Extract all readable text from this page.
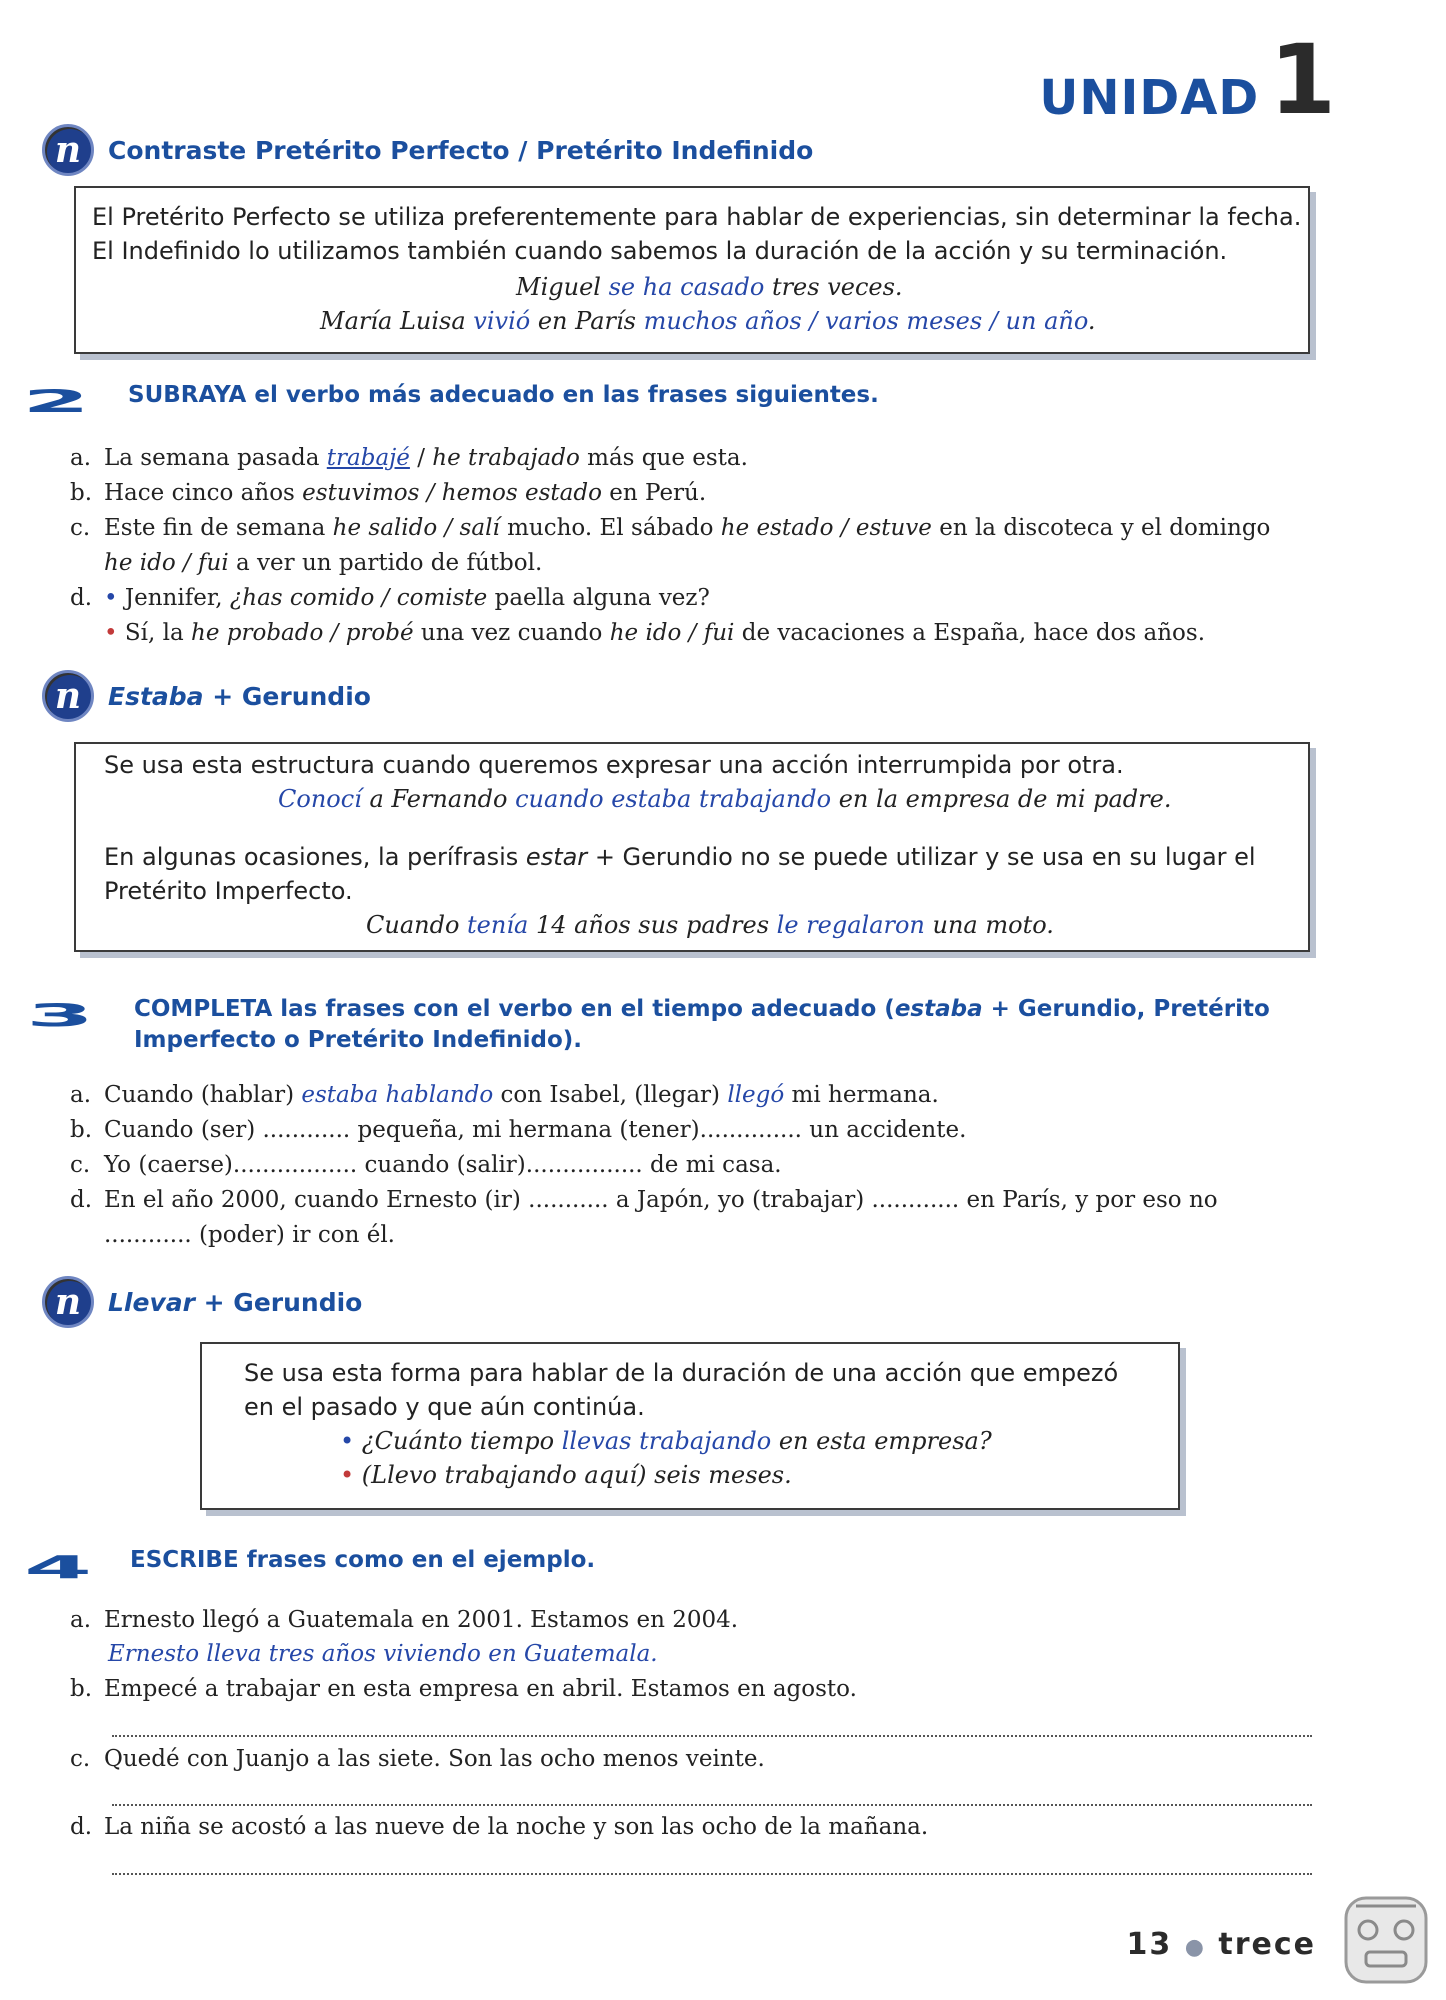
UNIDAD 1
n	Contraste Pretérito Perfecto / Pretérito Indefinido
El Pretérito Perfecto se utiliza preferentemente para hablar de experiencias, sin determinar la fecha.
El Indefinido lo utilizamos también cuando sabemos la duración de la acción y su terminación.
Miguel se ha casado tres veces.
María Luisa vivió en París muchos años / varios meses / un año.
2 SUBRAYA el verbo más adecuado en las frases siguientes.
a. La semana pasada trabajé / he trabajado más que esta.
b. Hace cinco años estuvimos / hemos estado en Perú.
c. Este fin de semana he salido / salí mucho. El sábado he estado / estuve en la discoteca y el domingo
he ido / fui a ver un partido de fútbol.
d. • Jennifer, ¿has comido / comiste paella alguna vez?
• Sí, la he probado / probé una vez cuando he ido / fui de vacaciones a España, hace dos años.
n	Estaba + Gerundio
Se usa esta estructura cuando queremos expresar una acción interrumpida por otra.
Conocí a Fernando cuando estaba trabajando en la empresa de mi padre.
En algunas ocasiones, la perífrasis estar + Gerundio no se puede utilizar y se usa en su lugar el
Pretérito Imperfecto.
Cuando tenía 14 años sus padres le regalaron una moto.
3 COMPLETA las frases con el verbo en el tiempo adecuado (estaba + Gerundio, Pretérito
Imperfecto o Pretérito Indefinido).
a. Cuando (hablar) estaba hablando con Isabel, (llegar) llegó mi hermana.
b. Cuando (ser) ............ pequeña, mi hermana (tener).............. un accidente.
c. Yo (caerse)................. cuando (salir)................ de mi casa.
d. En el año 2000, cuando Ernesto (ir) ........... a Japón, yo (trabajar) ............ en París, y por eso no
............ (poder) ir con él.
n	Llevar + Gerundio
Se usa esta forma para hablar de la duración de una acción que empezó
en el pasado y que aún continúa.
• ¿Cuánto tiempo llevas trabajando en esta empresa?
• (Llevo trabajando aquí) seis meses.
4 ESCRIBE frases como en el ejemplo.
a. Ernesto llegó a Guatemala en 2001. Estamos en 2004.
Ernesto lleva tres años viviendo en Guatemala.
b. Empecé a trabajar en esta empresa en abril. Estamos en agosto.
c. Quedé con Juanjo a las siete. Son las ocho menos veinte.
d. La niña se acostó a las nueve de la noche y son las ocho de la mañana.
13 ● trece
